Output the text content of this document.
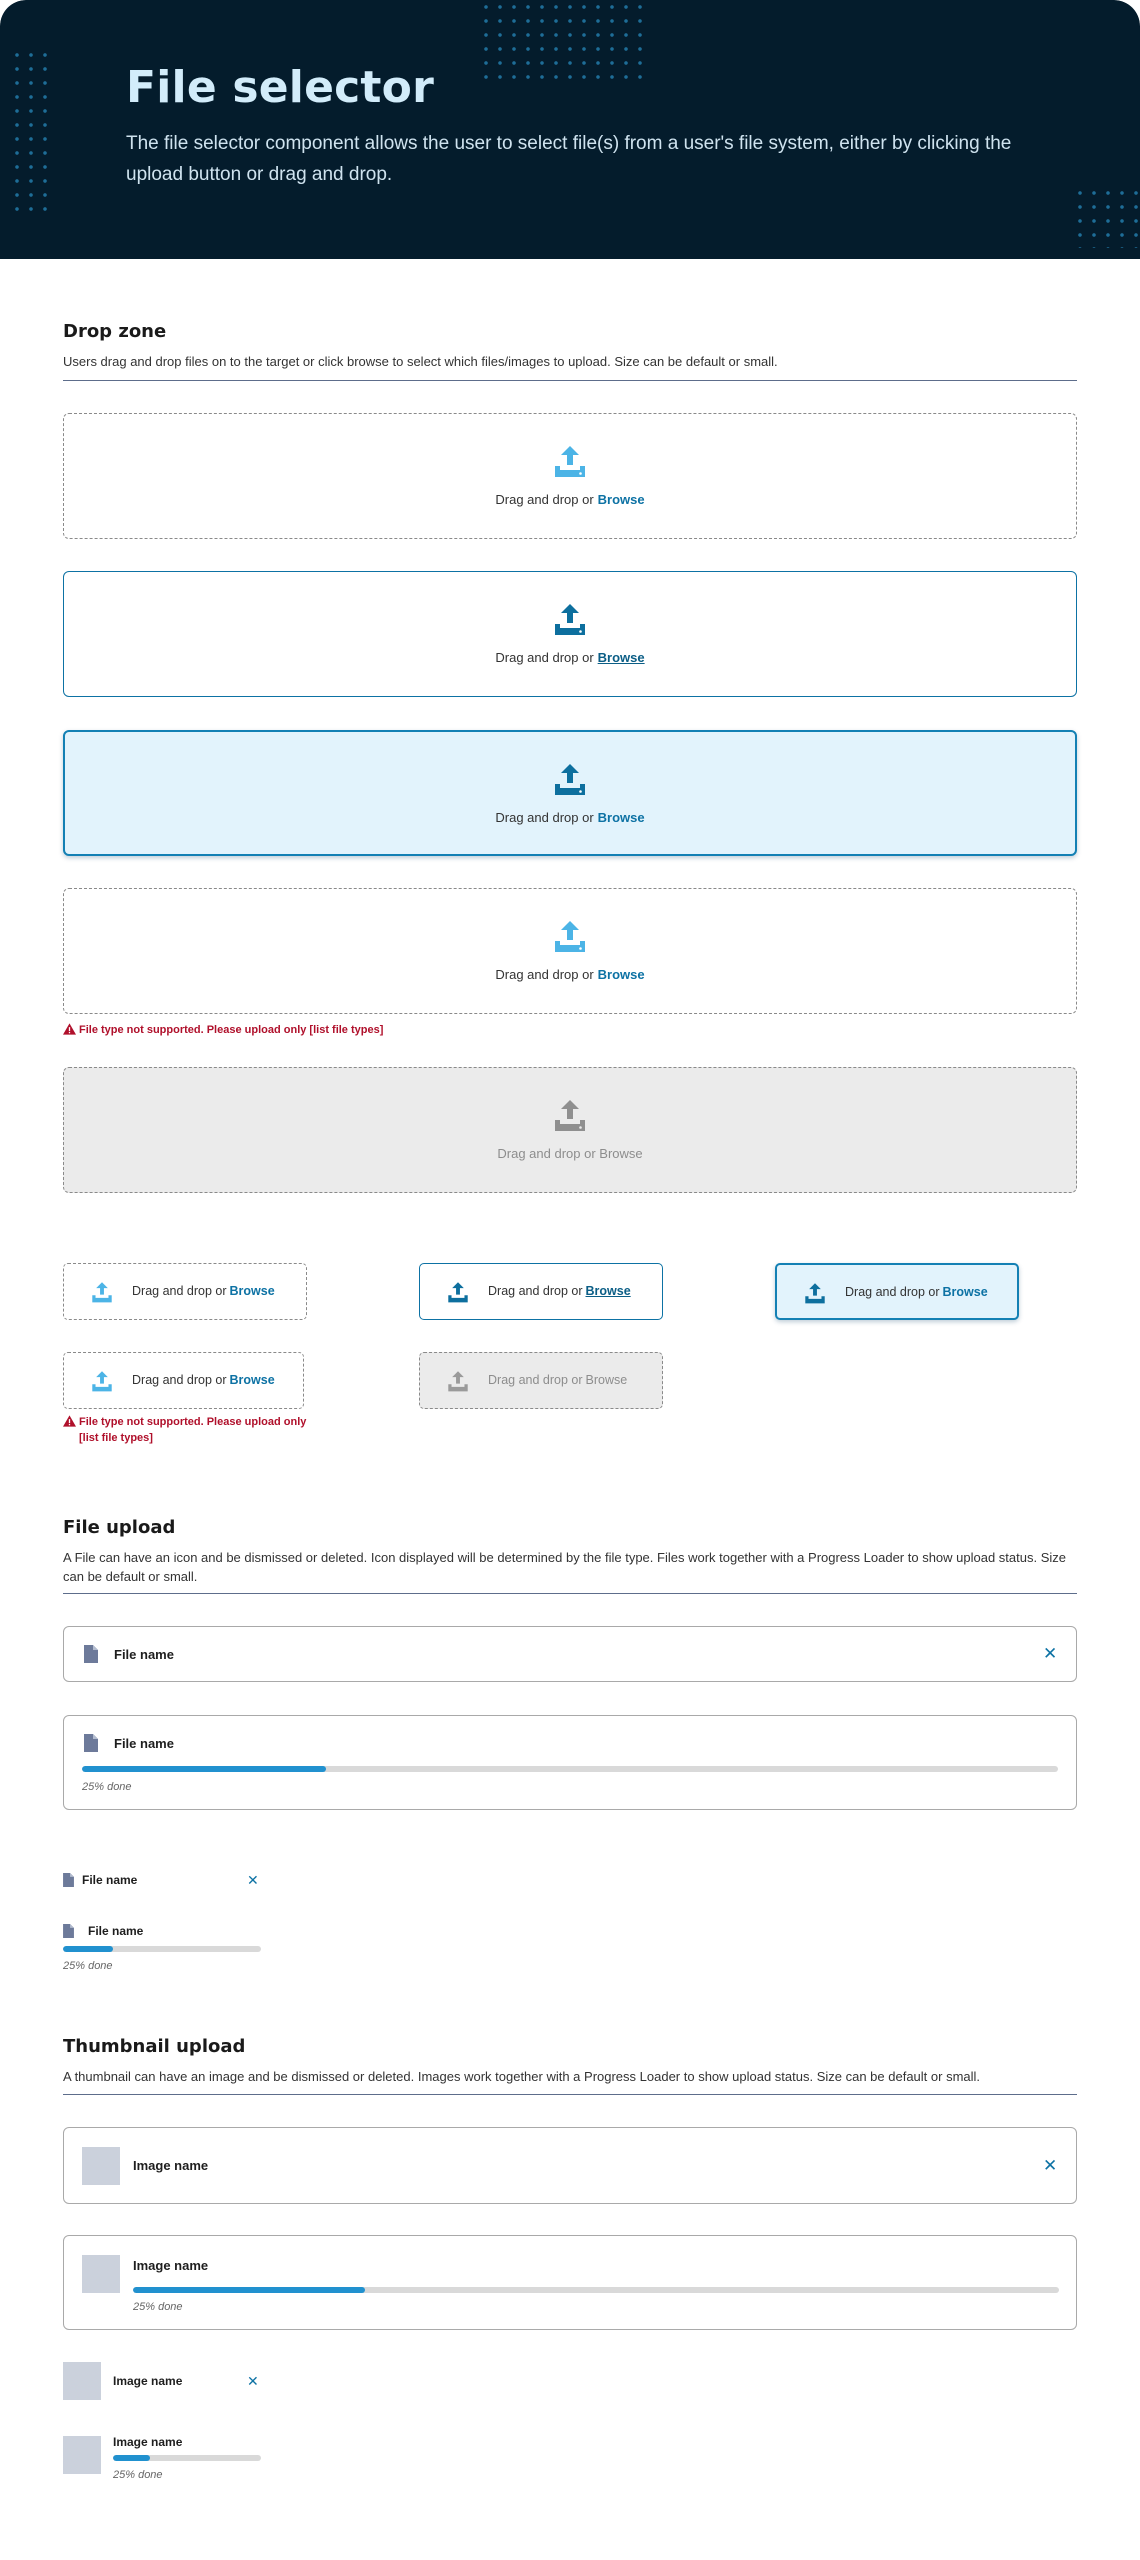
File selector

The file selector component allows the user to select file(s) from a user's file system, either by clicking the upload button or drag and drop.

Drop zone
Users drag and drop files on to the target or click browse to select which files/images to upload. Size can be default or small.
Drag and drop or Browse
Drag and drop or Browse
Drag and drop or Browse
Drag and drop or Browse
File type not supported. Please upload only [list file types]
Drag and drop or Browse
Drag and drop or Browse	Drag and drop or Browse	Drag and drop or Browse
Drag and drop or Browse
File type not supported. Please upload only
[list file types]
Drag and drop or Browse
File upload
A File can have an icon and be dismissed or deleted. Icon displayed will be determined by the file type. Files work together with a Progress Loader to show upload status. Size can be default or small.
File name	✕
File name
25% done
File name	✕
File name
25% done
Thumbnail upload
A thumbnail can have an image and be dismissed or deleted. Images work together with a Progress Loader to show upload status. Size can be default or small.
Image name	✕
Image name
25% done
Image name	✕
Image name
25% done
